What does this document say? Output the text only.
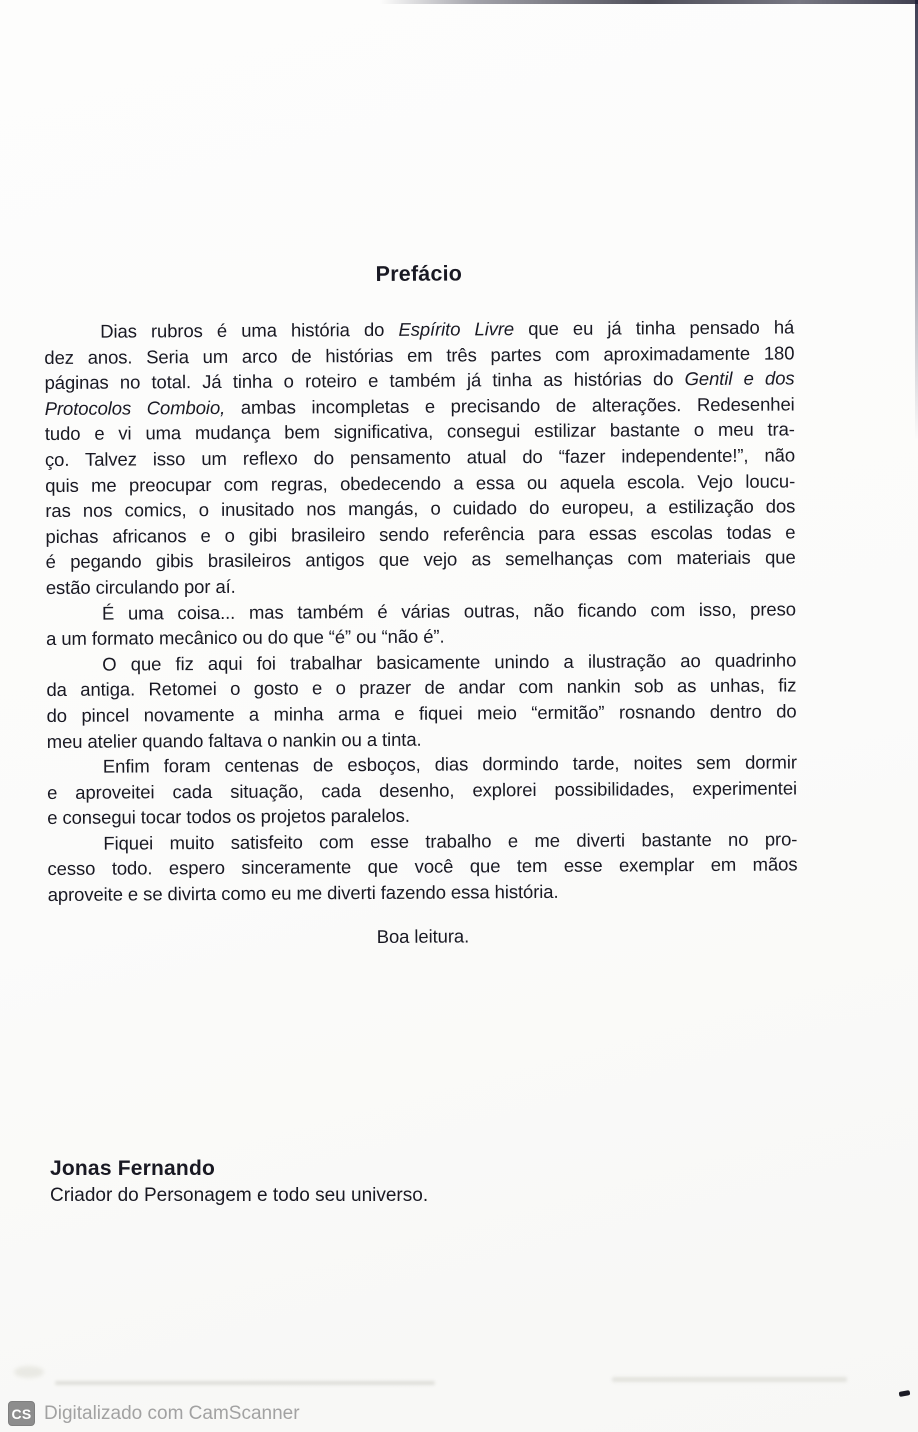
Prefácio
Dias rubros é uma história do Espírito Livre que eu já tinha pensado há
dez anos. Seria um arco de histórias em três partes com aproximadamente 180
páginas no total. Já tinha o roteiro e também já tinha as histórias do Gentil e dos
Protocolos Comboio, ambas incompletas e precisando de alterações. Redesenhei
tudo e vi uma mudança bem significativa, consegui estilizar bastante o meu tra-
ço. Talvez isso um reflexo do pensamento atual do “fazer independente!”, não
quis me preocupar com regras, obedecendo a essa ou aquela escola. Vejo loucu-
ras nos comics, o inusitado nos mangás, o cuidado do europeu, a estilização dos
pichas africanos e o gibi brasileiro sendo referência para essas escolas todas e
é pegando gibis brasileiros antigos que vejo as semelhanças com materiais que
estão circulando por aí.
É uma coisa... mas também é várias outras, não ficando com isso, preso
a um formato mecânico ou do que “é” ou “não é”.
O que fiz aqui foi trabalhar basicamente unindo a ilustração ao quadrinho
da antiga. Retomei o gosto e o prazer de andar com nankin sob as unhas, fiz
do pincel novamente a minha arma e fiquei meio “ermitão” rosnando dentro do
meu atelier quando faltava o nankin ou a tinta.
Enfim foram centenas de esboços, dias dormindo tarde, noites sem dormir
e aproveitei cada situação, cada desenho, explorei possibilidades, experimentei
e consegui tocar todos os projetos paralelos.
Fiquei muito satisfeito com esse trabalho e me diverti bastante no pro-
cesso todo. espero sinceramente que você que tem esse exemplar em mãos
aproveite e se divirta como eu me diverti fazendo essa história.
Boa leitura.
Jonas Fernando
Criador do Personagem e todo seu universo.
CS Digitalizado com CamScanner
